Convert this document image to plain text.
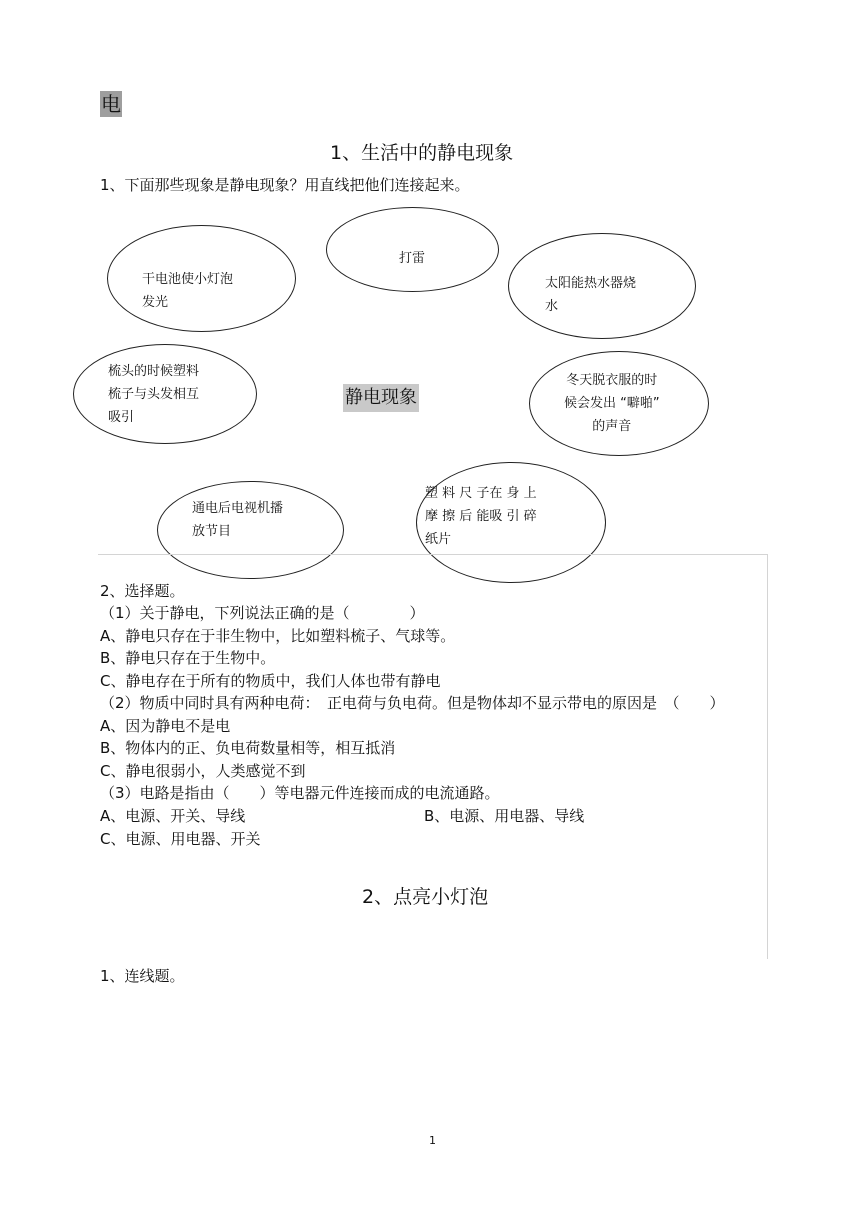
电
1、生活中的静电现象
1、下面那些现象是静电现象？用直线把他们连接起来。
干电池使小灯泡
发光
打雷
太阳能热水器烧
水
梳头的时候塑料
梳子与头发相互
吸引
静电现象
冬天脱衣服的时
候会发出 “噼啪”
的声音
通电后电视机播
放节目
塑 料 尺 子在 身 上
摩 擦 后 能吸 引 碎
纸片
2、选择题。
（1）关于静电，下列说法正确的是（　　　　）
A、静电只存在于非生物中，比如塑料梳子、气球等。
B、静电只存在于生物中。
C、静电存在于所有的物质中，我们人体也带有静电
（2）物质中同时具有两种电荷：　正电荷与负电荷。但是物体却不显示带电的原因是　（　　）
A、因为静电不是电
B、物体内的正、负电荷数量相等，相互抵消
C、静电很弱小，人类感觉不到
（3）电路是指由（　　）等电器元件连接而成的电流通路。
A、电源、开关、导线	B、电源、用电器、导线
C、电源、用电器、开关
2、点亮小灯泡
1、连线题。
1
